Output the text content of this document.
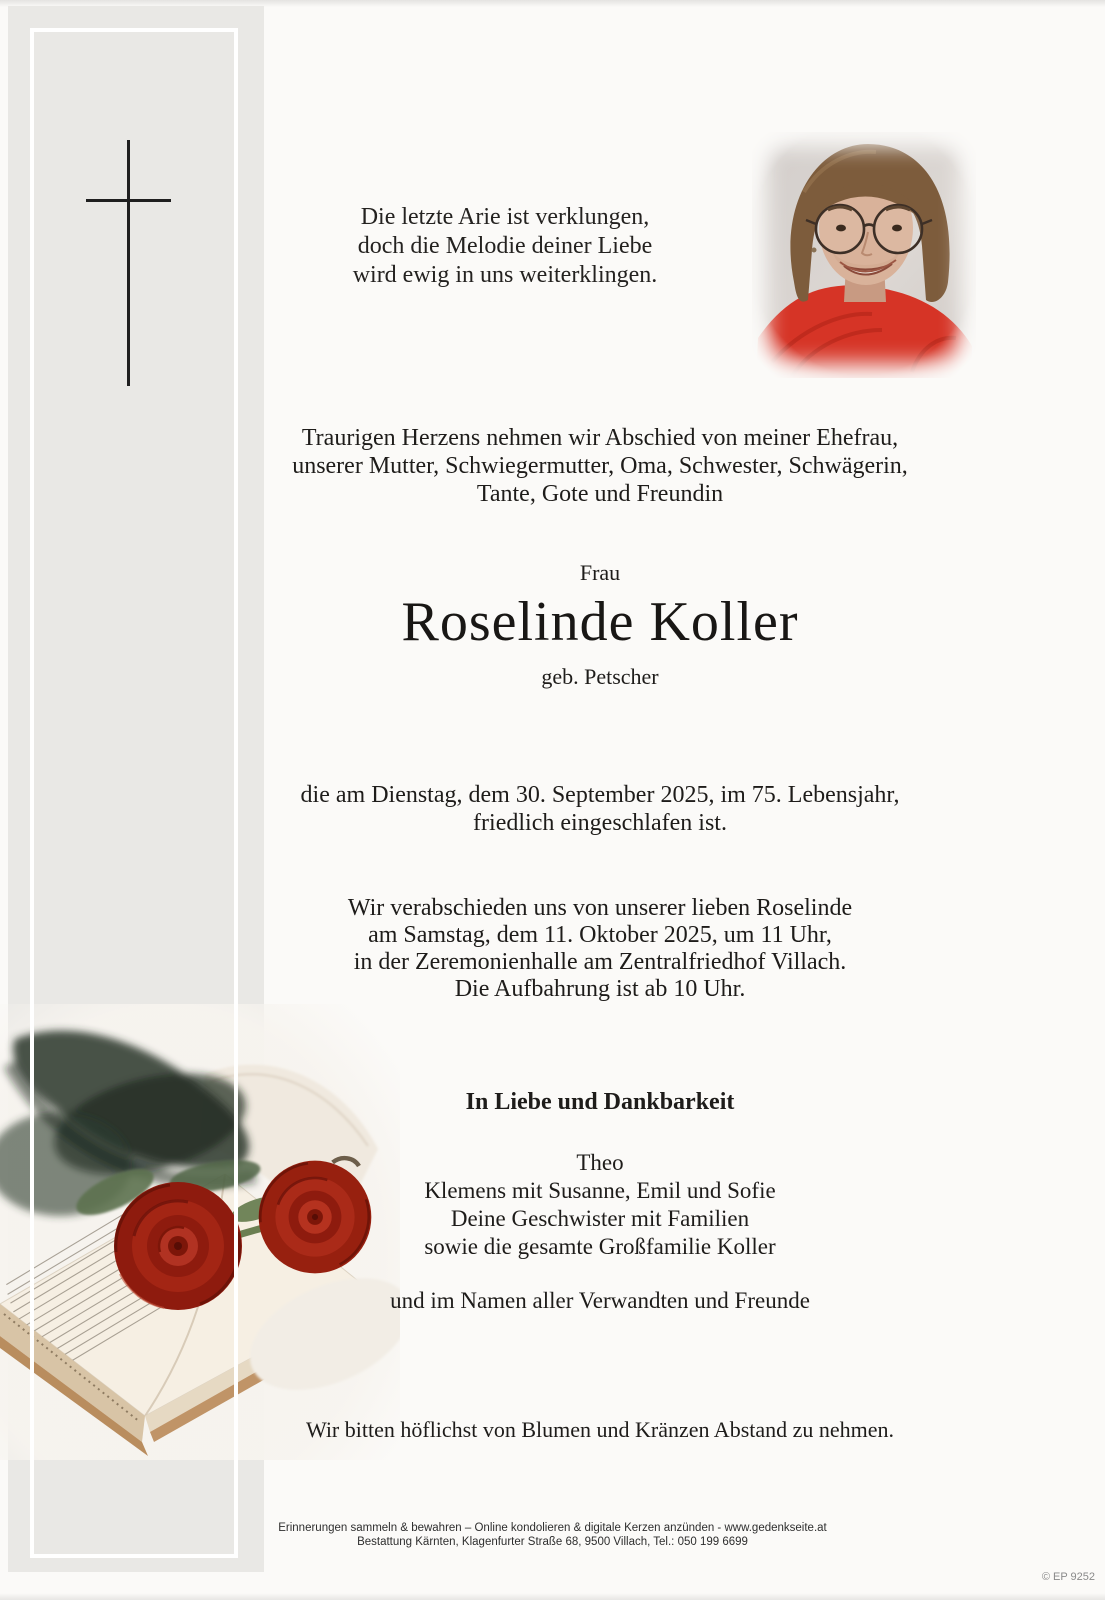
Die letzte Arie ist verklungen,
doch die Melodie deiner Liebe
wird ewig in uns weiterklingen.
Traurigen Herzens nehmen wir Abschied von meiner Ehefrau,
unserer Mutter, Schwiegermutter, Oma, Schwester, Schwägerin,
Tante, Gote und Freundin
Frau
Roselinde Koller
geb. Petscher
die am Dienstag, dem 30. September 2025, im 75. Lebensjahr,
friedlich eingeschlafen ist.
Wir verabschieden uns von unserer lieben Roselinde
am Samstag, dem 11. Oktober 2025, um 11 Uhr,
in der Zeremonienhalle am Zentralfriedhof Villach.
Die Aufbahrung ist ab 10 Uhr.
In Liebe und Dankbarkeit
Theo
Klemens mit Susanne, Emil und Sofie
Deine Geschwister mit Familien
sowie die gesamte Großfamilie Koller
und im Namen aller Verwandten und Freunde
Wir bitten höflichst von Blumen und Kränzen Abstand zu nehmen.
Erinnerungen sammeln & bewahren – Online kondolieren & digitale Kerzen anzünden - www.gedenkseite.at
Bestattung Kärnten, Klagenfurter Straße 68, 9500 Villach, Tel.: 050 199 6699
© EP 9252
